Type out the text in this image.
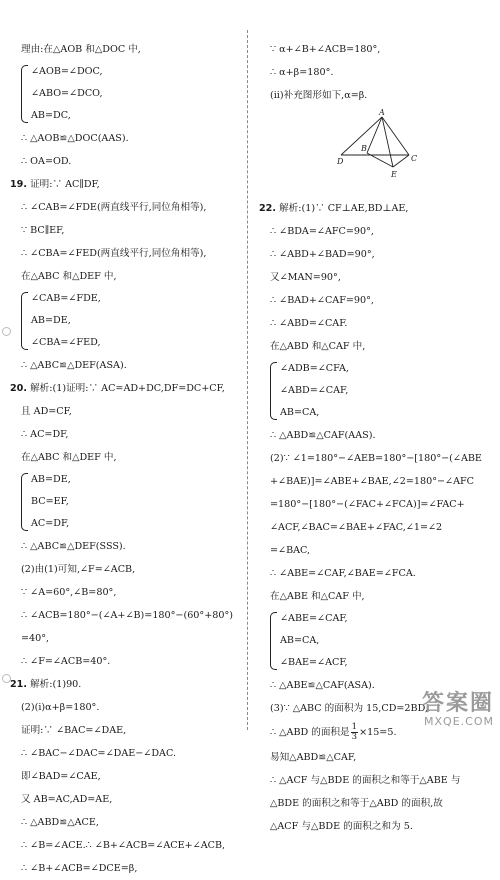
理由:在△AOB 和△DOC 中,
∠AOB=∠DOC,
∠ABO=∠DCO,
AB=DC,
∴ △AOB≌△DOC(AAS).
∴ OA=OD.
19. 证明:∵ AC∥DF,
∴ ∠CAB=∠FDE(两直线平行,同位角相等),
∵ BC∥EF,
∴ ∠CBA=∠FED(两直线平行,同位角相等),
在△ABC 和△DEF 中,
∠CAB=∠FDE,
AB=DE,
∠CBA=∠FED,
∴ △ABC≌△DEF(ASA).
20. 解析:(1)证明:∵ AC=AD+DC,DF=DC+CF,
且 AD=CF,
∴ AC=DF,
在△ABC 和△DEF 中,
AB=DE,
BC=EF,
AC=DF,
∴ △ABC≌△DEF(SSS).
(2)由(1)可知,∠F=∠ACB,
∵ ∠A=60°,∠B=80°,
∴ ∠ACB=180°−(∠A+∠B)=180°−(60°+80°)
=40°,
∴ ∠F=∠ACB=40°.
21. 解析:(1)90.
(2)(i)α+β=180°.
证明:∵ ∠BAC=∠DAE,
∴ ∠BAC−∠DAC=∠DAE−∠DAC.
即∠BAD=∠CAE,
又 AB=AC,AD=AE,
∴ △ABD≌△ACE,
∴ ∠B=∠ACE.∴ ∠B+∠ACB=∠ACE+∠ACB,
∴ ∠B+∠ACB=∠DCE=β,
∵ α+∠B+∠ACB=180°,
∴ α+β=180°.
(ii)补充图形如下,α=β.
A
D
B
C
E
22. 解析:(1)∵ CF⊥AE,BD⊥AE,
∴ ∠BDA=∠AFC=90°,
∴ ∠ABD+∠BAD=90°,
又∠MAN=90°,
∴ ∠BAD+∠CAF=90°,
∴ ∠ABD=∠CAF.
在△ABD 和△CAF 中,
∠ADB=∠CFA,
∠ABD=∠CAF,
AB=CA,
∴ △ABD≌△CAF(AAS).
(2)∵ ∠1=180°−∠AEB=180°−[180°−(∠ABE
+∠BAE)]=∠ABE+∠BAE,∠2=180°−∠AFC
=180°−[180°−(∠FAC+∠FCA)]=∠FAC+
∠ACF,∠BAC=∠BAE+∠FAC,∠1=∠2
=∠BAC,
∴ ∠ABE=∠CAF,∠BAE=∠FCA.
在△ABE 和△CAF 中,
∠ABE=∠CAF,
AB=CA,
∠BAE=∠ACF,
∴ △ABE≌△CAF(ASA).
(3)∵ △ABC 的面积为 15,CD=2BD,
∴ △ABD 的面积是 $\frac{1}{3} \times 15=5$.
易知△ABD≌△CAF,
∴ △ACF 与△BDE 的面积之和等于△ABE 与
△BDE 的面积之和等于△ABD 的面积,故
△ACF 与△BDE 的面积之和为 5.
答案圈
MXQE.COM
